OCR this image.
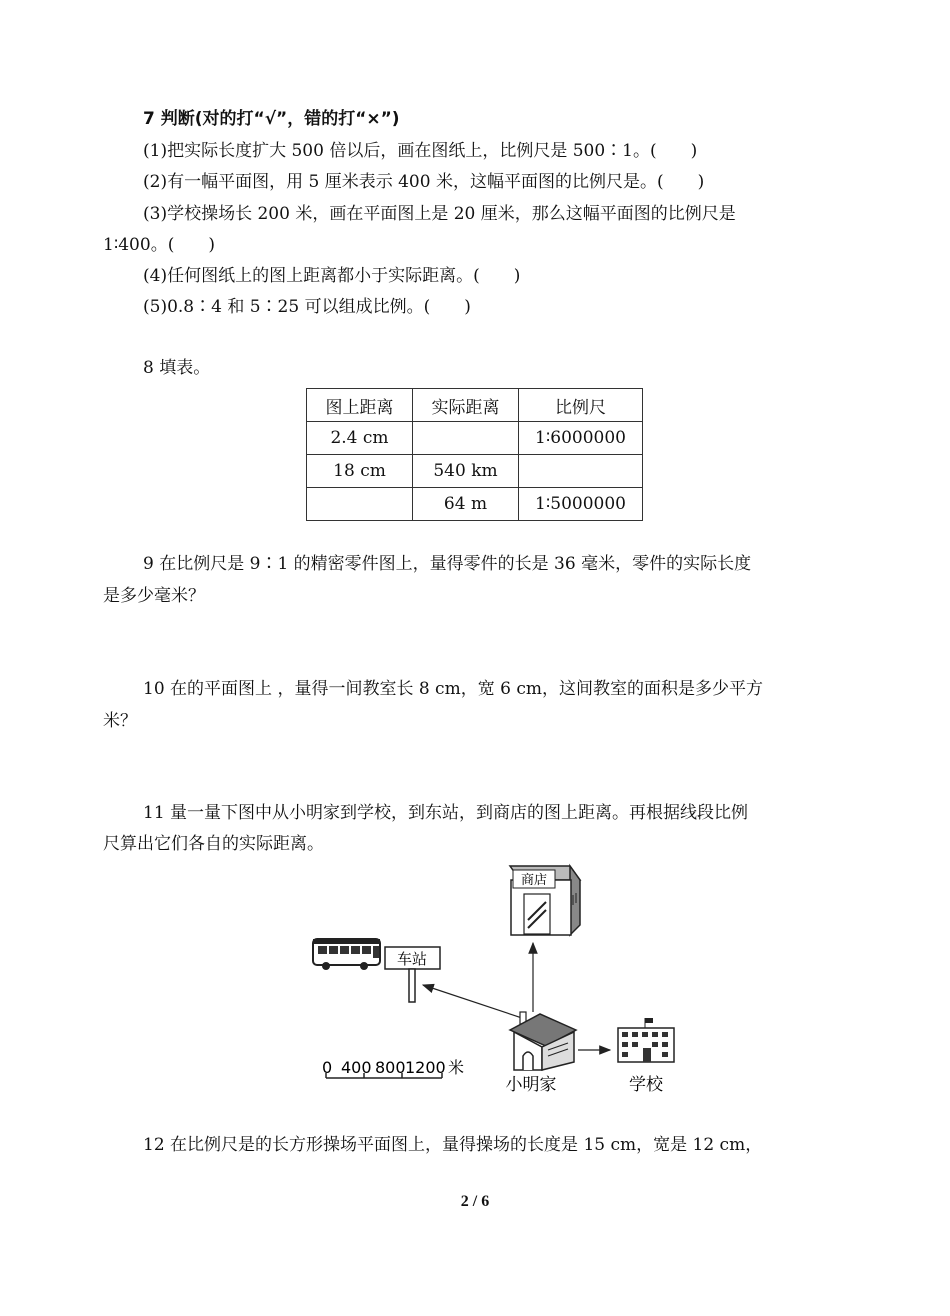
7 判断(对的打“√”，错的打“×”)
(1)把实际长度扩大 500 倍以后，画在图纸上，比例尺是 500∶1。(　　)
(2)有一幅平面图，用 5 厘米表示 400 米，这幅平面图的比例尺是。(　　)
(3)学校操场长 200 米，画在平面图上是 20 厘米，那么这幅平面图的比例尺是
1∶400。(　　)
(4)任何图纸上的图上距离都小于实际距离。(　　)
(5)0.8∶4 和 5∶25 可以组成比例。(　　)
8 填表。
图上距离	实际距离	比例尺
2.4 cm		1∶6000000
18 cm	540 km	
	64 m	1∶5000000
9 在比例尺是 9∶1 的精密零件图上，量得零件的长是 36 毫米，零件的实际长度
是多少毫米？
10 在的平面图上 ，量得一间教室长 8 cm，宽 6 cm，这间教室的面积是多少平方
米？
11 量一量下图中从小明家到学校，到东站，到商店的图上距离。再根据线段比例
尺算出它们各自的实际距离。
商店
车站
小明家	学校
0 400 800 1200 米
12 在比例尺是的长方形操场平面图上，量得操场的长度是 15 cm，宽是 12 cm，
2 / 6
